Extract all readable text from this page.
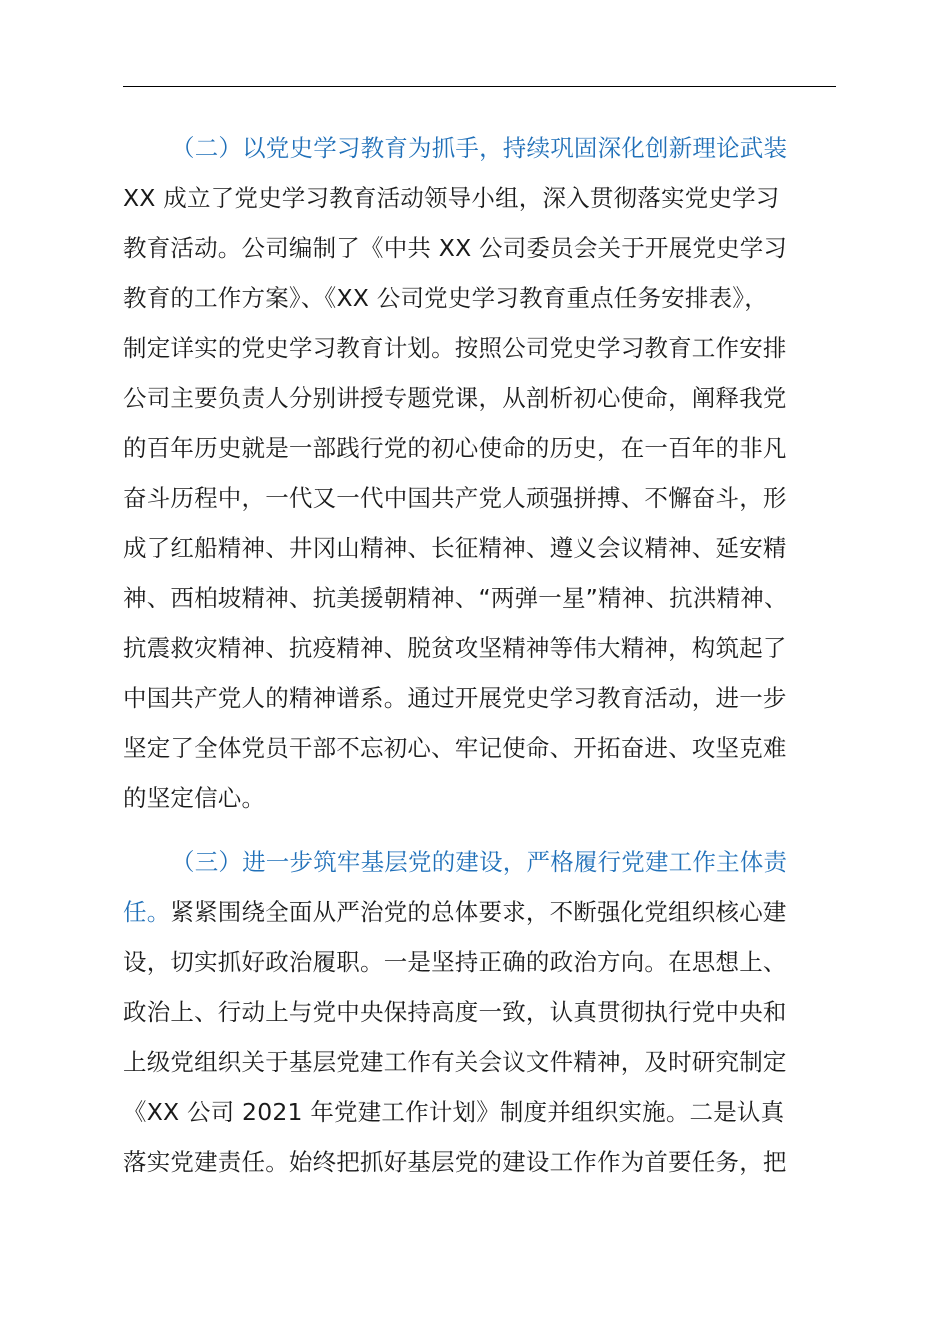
（二）以党史学习教育为抓手，持续巩固深化创新理论武装
XX 成立了党史学习教育活动领导小组，深入贯彻落实党史学习
教育活动。公司编制了《中共 XX 公司委员会关于开展党史学习
教育的工作方案》、《XX 公司党史学习教育重点任务安排表》，
制定详实的党史学习教育计划。按照公司党史学习教育工作安排
公司主要负责人分别讲授专题党课，从剖析初心使命，阐释我党
的百年历史就是一部践行党的初心使命的历史，在一百年的非凡
奋斗历程中，一代又一代中国共产党人顽强拼搏、不懈奋斗，形
成了红船精神、井冈山精神、长征精神、遵义会议精神、延安精
神、西柏坡精神、抗美援朝精神、“两弹一星”精神、抗洪精神、
抗震救灾精神、抗疫精神、脱贫攻坚精神等伟大精神，构筑起了
中国共产党人的精神谱系。通过开展党史学习教育活动，进一步
坚定了全体党员干部不忘初心、牢记使命、开拓奋进、攻坚克难
的坚定信心。
（三）进一步筑牢基层党的建设，严格履行党建工作主体责
任。紧紧围绕全面从严治党的总体要求，不断强化党组织核心建
设，切实抓好政治履职。一是坚持正确的政治方向。在思想上、
政治上、行动上与党中央保持高度一致，认真贯彻执行党中央和
上级党组织关于基层党建工作有关会议文件精神，及时研究制定
《XX 公司 2021 年党建工作计划》制度并组织实施。二是认真
落实党建责任。始终把抓好基层党的建设工作作为首要任务，把
